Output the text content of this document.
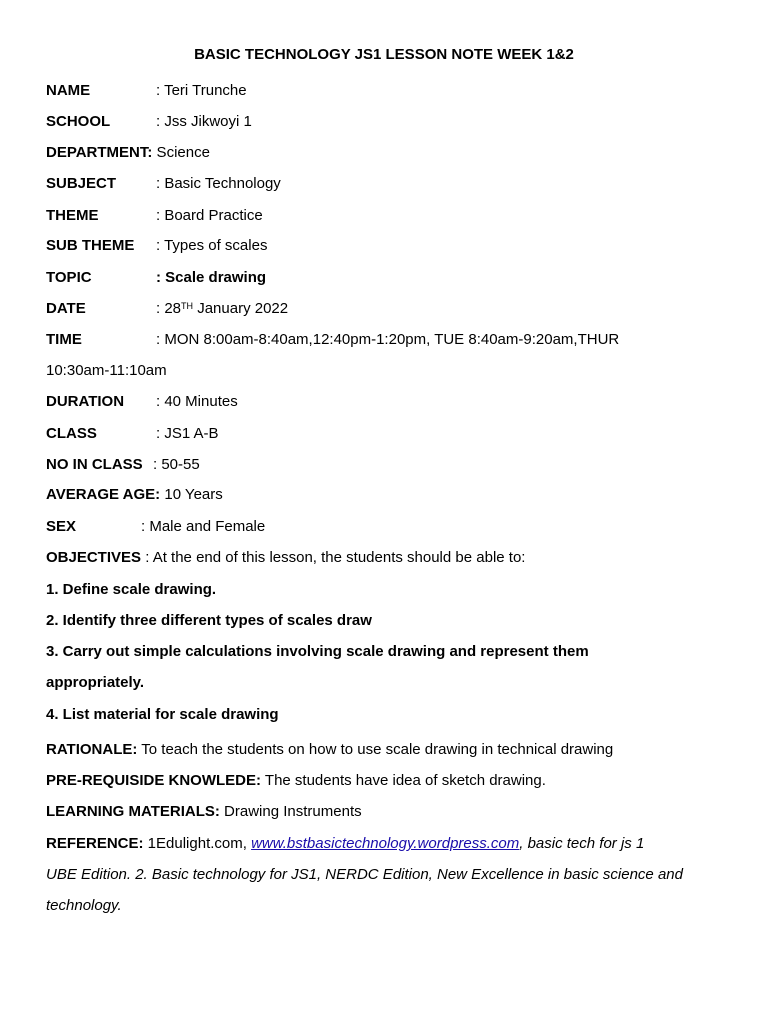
BASIC TECHNOLOGY JS1 LESSON NOTE WEEK 1&2
NAME	: Teri Trunche
SCHOOL	: Jss Jikwoyi 1
DEPARTMENT: Science
SUBJECT	: Basic Technology
THEME	: Board Practice
SUB THEME : Types of scales
TOPIC	: Scale drawing
DATE	: 28TH January 2022
TIME	: MON 8:00am-8:40am,12:40pm-1:20pm, TUE 8:40am-9:20am,THUR
10:30am-11:10am
DURATION : 40 Minutes
CLASS	: JS1 A-B
NO IN CLASS : 50-55
AVERAGE AGE: 10 Years
SEX	: Male and Female
OBJECTIVES : At the end of this lesson, the students should be able to:
1. Define scale drawing.
2. Identify three different types of scales draw
3. Carry out simple calculations involving scale drawing and represent them
appropriately.
4. List material for scale drawing
RATIONALE: To teach the students on how to use scale drawing in technical drawing
PRE-REQUISIDE KNOWLEDE: The students have idea of sketch drawing.
LEARNING MATERIALS: Drawing Instruments
REFERENCE: 1Edulight.com, www.bstbasictechnology.wordpress.com, basic tech for js 1
UBE Edition. 2. Basic technology for JS1, NERDC Edition, New Excellence in basic science and
technology.
